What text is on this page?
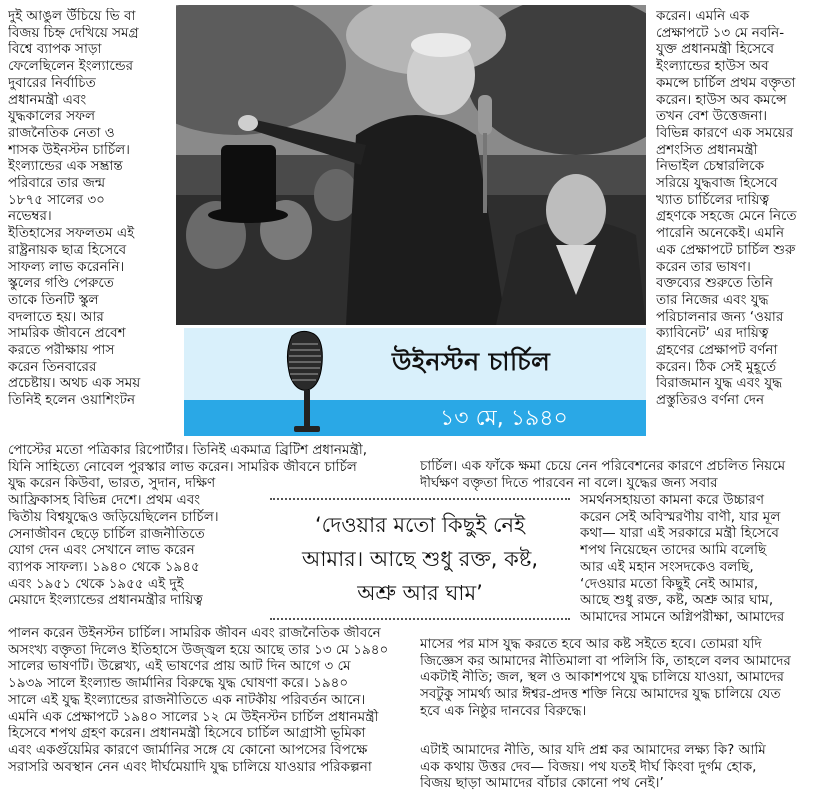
উইনস্টন চার্চিল
১৩ মে, ১৯৪০
দুই আঙুল উঁচিয়ে ভি বা
বিজয় চিহ্ন দেখিয়ে সমগ্র
বিশ্বে ব্যাপক সাড়া
ফেলেছিলেন ইংল্যান্ডের
দুবারের নির্বাচিত
প্রধানমন্ত্রী এবং
যুদ্ধকালের সফল
রাজনৈতিক নেতা ও
শাসক উইনস্টন চার্চিল।
ইংল্যান্ডের এক সম্ভ্রান্ত
পরিবারে তার জন্ম
১৮৭৫ সালের ৩০
নভেম্বর।
ইতিহাসের সফলতম এই
রাষ্ট্রনায়ক ছাত্র হিসেবে
সাফল্য লাভ করেননি।
স্কুলের গণ্ডি পেরুতে
তাকে তিনটি স্কুল
বদলাতে হয়। আর
সামরিক জীবনে প্রবেশ
করতে পরীক্ষায় পাস
করেন তিনবারের
প্রচেষ্টায়। অথচ এক সময়
তিনিই হলেন ওয়াশিংটন
করেন। এমনি এক
প্রেক্ষাপটে ১৩ মে নবনি-
যুক্ত প্রধানমন্ত্রী হিসেবে
ইংল্যান্ডের হাউস অব
কমন্সে চার্চিল প্রথম বক্তৃতা
করেন। হাউস অব কমন্সে
তখন বেশ উত্তেজনা।
বিভিন্ন কারণে এক সময়ের
প্রশংসিত প্রধানমন্ত্রী
নিভাইল চেম্বারলিকে
সরিয়ে যুদ্ধবাজ হিসেবে
খ্যাত চার্চিলের দায়িত্ব
গ্রহণকে সহজে মেনে নিতে
পারেনি অনেকেই। এমনি
এক প্রেক্ষাপটে চার্চিল শুরু
করেন তার ভাষণ।
বক্তব্যের শুরুতে তিনি
তার নিজের এবং যুদ্ধ
পরিচালনার জন্য ‘ওয়ার
ক্যাবিনেট’ এর দায়িত্ব
গ্রহণের প্রেক্ষাপট বর্ণনা
করেন। ঠিক সেই মুহূর্তে
বিরাজমান যুদ্ধ এবং যুদ্ধ
প্রস্তুতিরও বর্ণনা দেন
পোস্টের মতো পত্রিকার রিপোর্টার। তিনিই একমাত্র ব্রিটিশ প্রধানমন্ত্রী,
যিনি সাহিত্যে নোবেল পুরস্কার লাভ করেন। সামরিক জীবনে চার্চিল
যুদ্ধ করেন কিউবা, ভারত, সুদান, দক্ষিণ
আফ্রিকাসহ বিভিন্ন দেশে। প্রথম এবং
দ্বিতীয় বিশ্বযুদ্ধেও জড়িয়েছিলেন চার্চিল।
সেনাজীবন ছেড়ে চার্চিল রাজনীতিতে
যোগ দেন এবং সেখানে লাভ করেন
ব্যাপক সাফল্য। ১৯৪০ থেকে ১৯৪৫
এবং ১৯৫১ থেকে ১৯৫৫ এই দুই
মেয়াদে ইংল্যান্ডের প্রধানমন্ত্রীর দায়িত্ব
পালন করেন উইনস্টন চার্চিল। সামরিক জীবন এবং রাজনৈতিক জীবনে
অসংখ্য বক্তৃতা দিলেও ইতিহাসে উজ্জ্বল হয়ে আছে তার ১৩ মে ১৯৪০
সালের ভাষণটি। উল্লেখ্য, এই ভাষণের প্রায় আট দিন আগে ৩ মে
১৯৩৯ সালে ইংল্যান্ড জার্মানির বিরুদ্ধে যুদ্ধ ঘোষণা করে। ১৯৪০
সালে এই যুদ্ধ ইংল্যান্ডের রাজনীতিতে এক নাটকীয় পরিবর্তন আনে।
এমনি এক প্রেক্ষাপটে ১৯৪০ সালের ১২ মে উইনস্টন চার্চিল প্রধানমন্ত্রী
হিসেবে শপথ গ্রহণ করেন। প্রধানমন্ত্রী হিসেবে চার্চিল আগ্রাসী ভূমিকা
এবং একগুঁয়েমির কারণে জার্মানির সঙ্গে যে কোনো আপসের বিপক্ষে
সরাসরি অবস্থান নেন এবং দীর্ঘমেয়াদি যুদ্ধ চালিয়ে যাওয়ার পরিকল্পনা
চার্চিল। এক ফাঁকে ক্ষমা চেয়ে নেন পরিবেশনের কারণে প্রচলিত নিয়মে
দীর্ঘক্ষণ বক্তৃতা দিতে পারবেন না বলে। যুদ্ধের জন্য সবার
‘দেওয়ার মতো কিছুই নেই
আমার। আছে শুধু রক্ত, কষ্ট,
অশ্রু আর ঘাম’
সমর্থনসহায়তা কামনা করে উচ্চারণ
করেন সেই অবিস্মরণীয় বাণী, যার মূল
কথা— যারা এই সরকারে মন্ত্রী হিসেবে
শপথ নিয়েছেন তাদের আমি বলেছি
আর এই মহান সংসদকেও বলছি,
‘দেওয়ার মতো কিছুই নেই আমার,
আছে শুধু রক্ত, কষ্ট, অশ্রু আর ঘাম,
আমাদের সামনে অগ্নিপরীক্ষা, আমাদের
মাসের পর মাস যুদ্ধ করতে হবে আর কষ্ট সইতে হবে। তোমরা যদি
জিজ্ঞেস কর আমাদের নীতিমালা বা পলিসি কি, তাহলে বলব আমাদের
একটাই নীতি; জল, স্থল ও আকাশপথে যুদ্ধ চালিয়ে যাওয়া, আমাদের
সবটুকু সামর্থ্য আর ঈশ্বর-প্রদত্ত শক্তি নিয়ে আমাদের যুদ্ধ চালিয়ে যেত
হবে এক নিষ্ঠুর দানবের বিরুদ্ধে।
এটাই আমাদের নীতি, আর যদি প্রশ্ন কর আমাদের লক্ষ্য কি? আমি
এক কথায় উত্তর দেব— বিজয়। পথ যতই দীর্ঘ কিংবা দুর্গম হোক,
বিজয় ছাড়া আমাদের বাঁচার কোনো পথ নেই।’
